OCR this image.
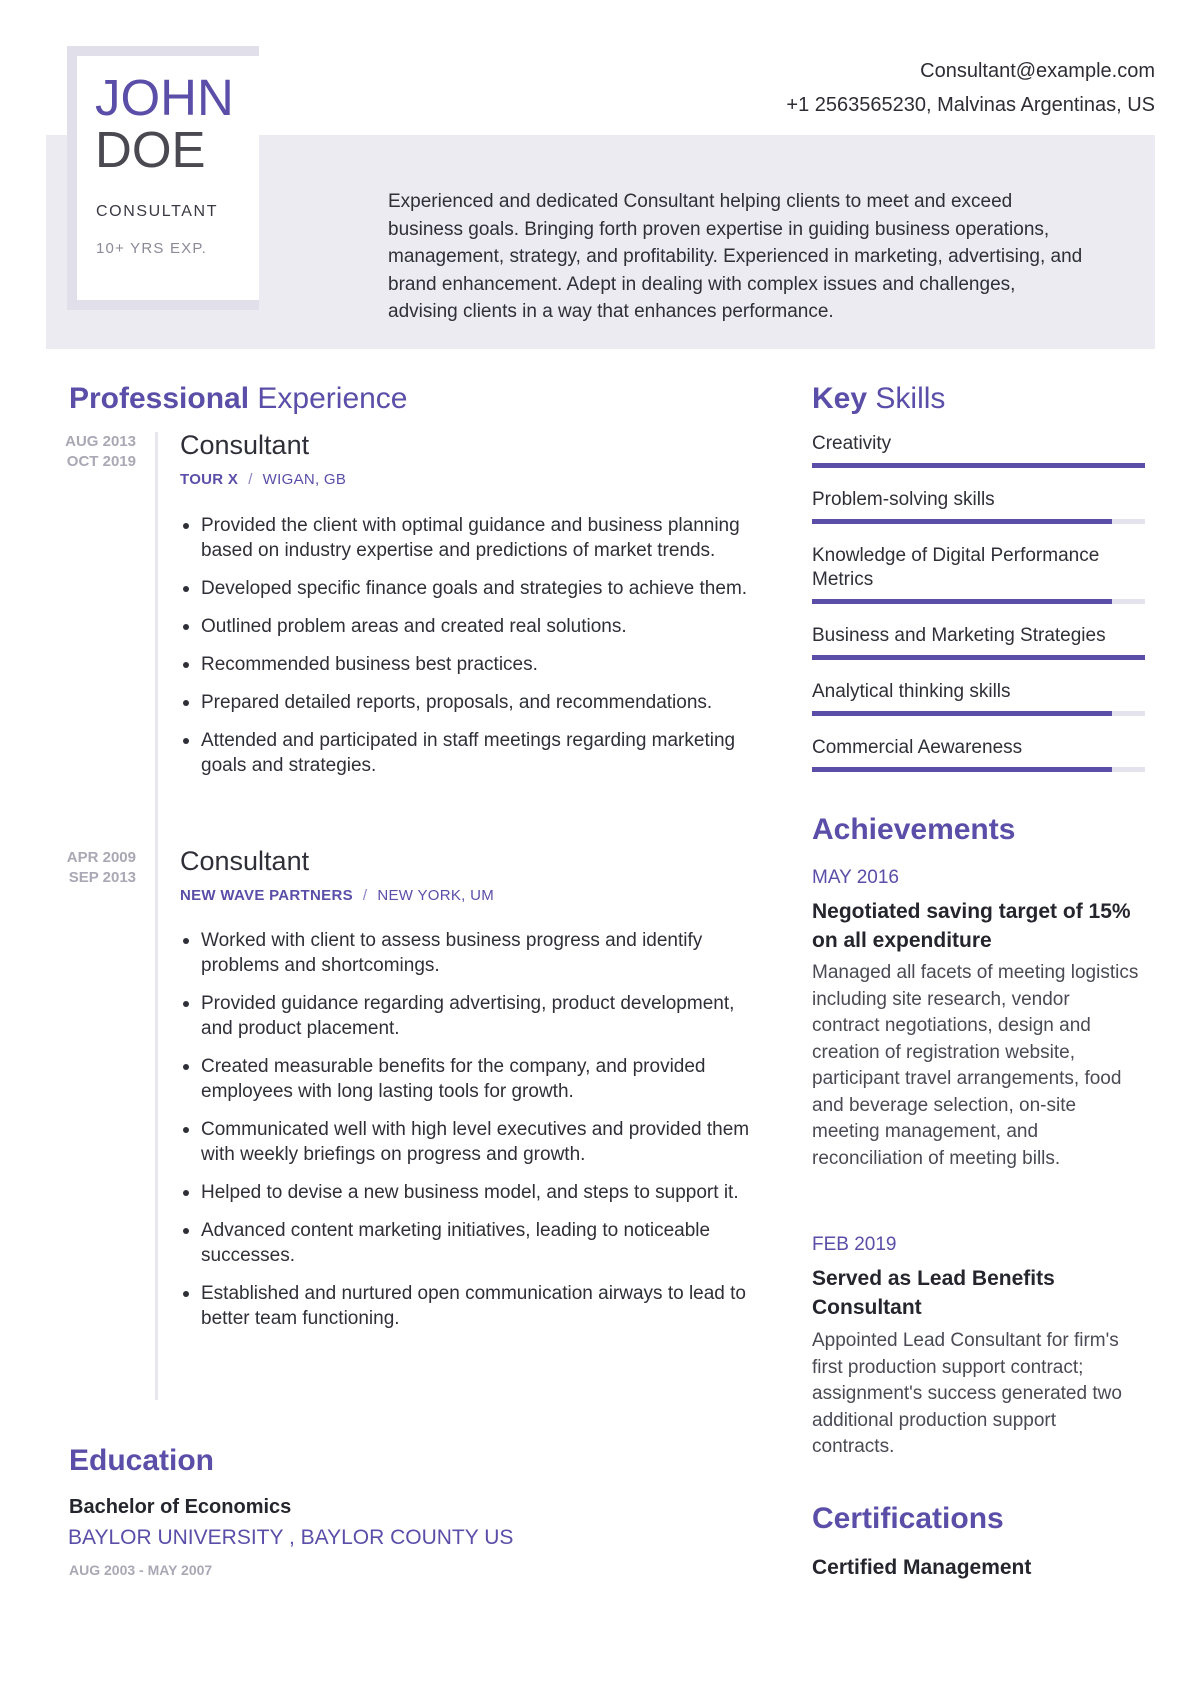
JOHN
DOE
CONSULTANT
10+ YRS EXP.
Consultant@example.com
+1 2563565230, Malvinas Argentinas, US
Experienced and dedicated Consultant helping clients to meet and exceed business goals. Bringing forth proven expertise in guiding business operations, management, strategy, and profitability. Experienced in marketing, advertising, and brand enhancement. Adept in dealing with complex issues and challenges, advising clients in a way that enhances performance.
Professional Experience
AUG 2013
OCT 2019
Consultant
TOUR X / WIGAN, GB
Provided the client with optimal guidance and business planning based on industry expertise and predictions of market trends.
Developed specific finance goals and strategies to achieve them.
Outlined problem areas and created real solutions.
Recommended business best practices.
Prepared detailed reports, proposals, and recommendations.
Attended and participated in staff meetings regarding marketing goals and strategies.
APR 2009
SEP 2013
Consultant
NEW WAVE PARTNERS / NEW YORK, UM
Worked with client to assess business progress and identify problems and shortcomings.
Provided guidance regarding advertising, product development, and product placement.
Created measurable benefits for the company, and provided employees with long lasting tools for growth.
Communicated well with high level executives and provided them with weekly briefings on progress and growth.
Helped to devise a new business model, and steps to support it.
Advanced content marketing initiatives, leading to noticeable successes.
Established and nurtured open communication airways to lead to better team functioning.
Education
Bachelor of Economics
BAYLOR UNIVERSITY , BAYLOR COUNTY US
AUG 2003 - MAY 2007
Key Skills
Creativity
Problem-solving skills
Knowledge of Digital Performance Metrics
Business and Marketing Strategies
Analytical thinking skills
Commercial Aewareness
Achievements
MAY 2016
Negotiated saving target of 15% on all expenditure
Managed all facets of meeting logistics including site research, vendor contract negotiations, design and creation of registration website, participant travel arrangements, food and beverage selection, on-site meeting management, and reconciliation of meeting bills.
FEB 2019
Served as Lead Benefits Consultant
Appointed Lead Consultant for firm's first production support contract; assignment's success generated two additional production support contracts.
Certifications
Certified Management
